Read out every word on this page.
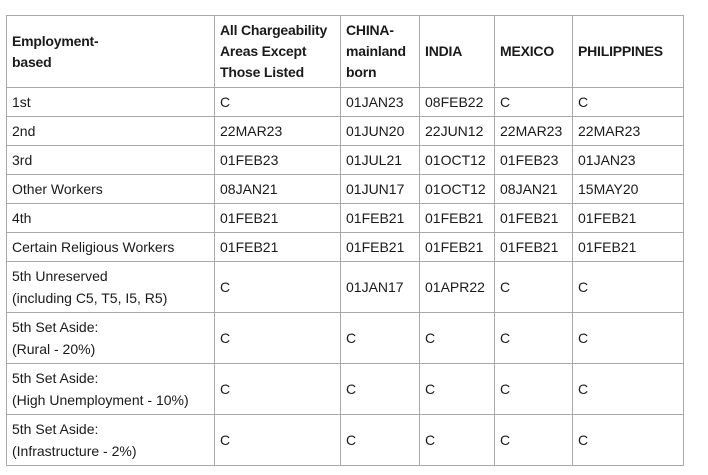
Employment-
based	All Chargeability
Areas Except
Those Listed	CHINA-
mainland
born	INDIA	MEXICO	PHILIPPINES
1st	C	01JAN23	08FEB22	C	C
2nd	22MAR23	01JUN20	22JUN12	22MAR23	22MAR23
3rd	01FEB23	01JUL21	01OCT12	01FEB23	01JAN23
Other Workers	08JAN21	01JUN17	01OCT12	08JAN21	15MAY20
4th	01FEB21	01FEB21	01FEB21	01FEB21	01FEB21
Certain Religious Workers	01FEB21	01FEB21	01FEB21	01FEB21	01FEB21
5th Unreserved
(including C5, T5, I5, R5)	C	01JAN17	01APR22	C	C
5th Set Aside:
(Rural - 20%)	C	C	C	C	C
5th Set Aside:
(High Unemployment - 10%)	C	C	C	C	C
5th Set Aside:
(Infrastructure - 2%)	C	C	C	C	C
